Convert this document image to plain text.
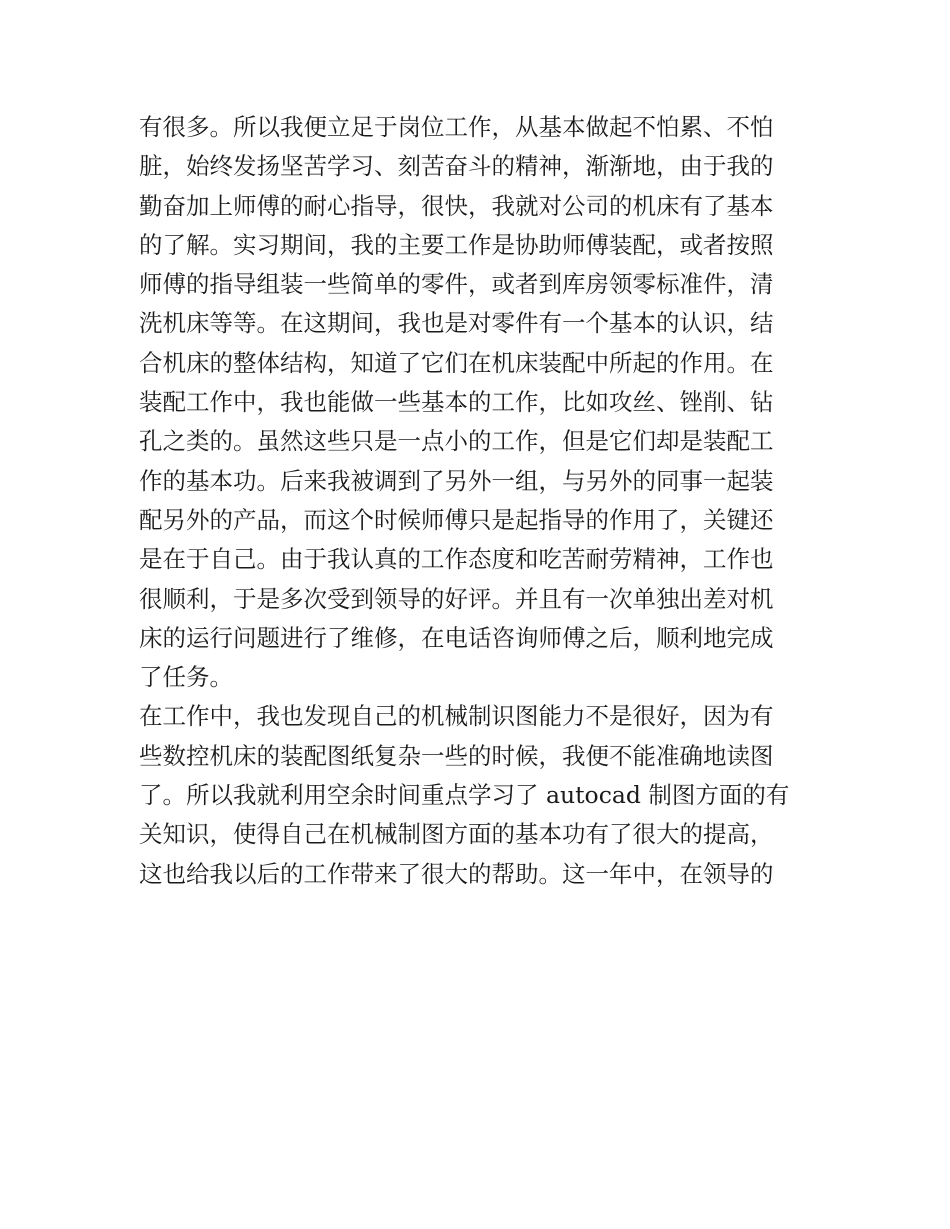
有很多。所以我便立足于岗位工作，从基本做起不怕累、不怕
脏，始终发扬坚苦学习、刻苦奋斗的精神，渐渐地，由于我的
勤奋加上师傅的耐心指导，很快，我就对公司的机床有了基本
的了解。实习期间，我的主要工作是协助师傅装配，或者按照
师傅的指导组装一些简单的零件，或者到库房领零标准件，清
洗机床等等。在这期间，我也是对零件有一个基本的认识，结
合机床的整体结构，知道了它们在机床装配中所起的作用。在
装配工作中，我也能做一些基本的工作，比如攻丝、锉削、钻
孔之类的。虽然这些只是一点小的工作，但是它们却是装配工
作的基本功。后来我被调到了另外一组，与另外的同事一起装
配另外的产品，而这个时候师傅只是起指导的作用了，关键还
是在于自己。由于我认真的工作态度和吃苦耐劳精神，工作也
很顺利，于是多次受到领导的好评。并且有一次单独出差对机
床的运行问题进行了维修，在电话咨询师傅之后，顺利地完成
了任务。
在工作中，我也发现自己的机械制识图能力不是很好，因为有
些数控机床的装配图纸复杂一些的时候，我便不能准确地读图
了。所以我就利用空余时间重点学习了 autocad 制图方面的有
关知识，使得自己在机械制图方面的基本功有了很大的提高，
这也给我以后的工作带来了很大的帮助。这一年中，在领导的
